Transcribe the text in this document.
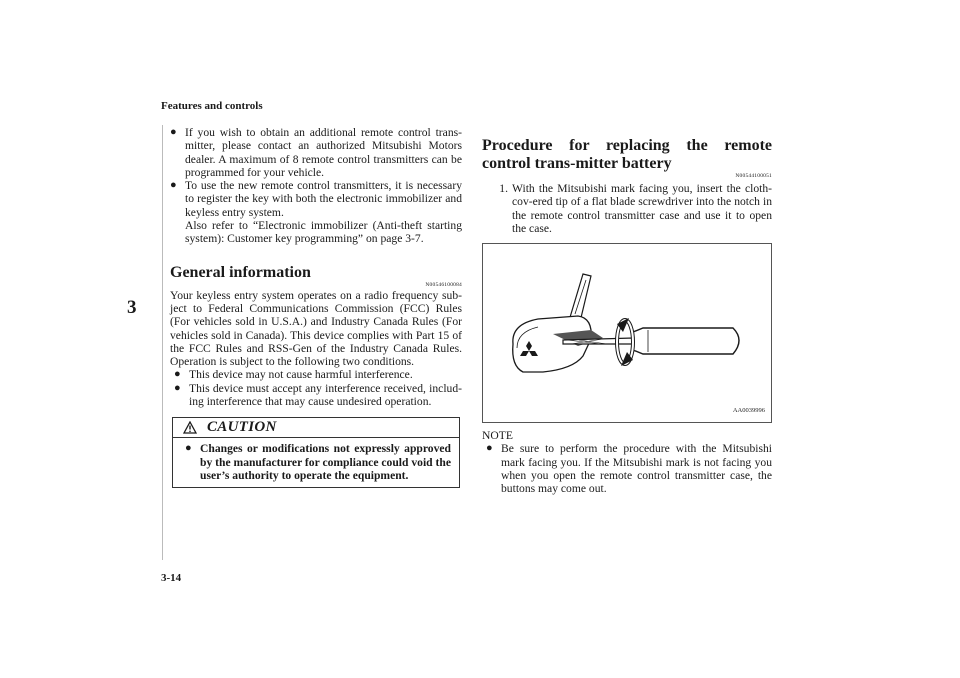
Features and controls
3
3-14
● If you wish to obtain an additional remote control trans-mitter, please contact an authorized Mitsubishi Motors dealer. A maximum of 8 remote control transmitters can be programmed for your vehicle.
● To use the new remote control transmitters, it is necessary to register the key with both the electronic immobilizer and keyless entry system.
Also refer to “Electronic immobilizer (Anti-theft starting system): Customer key programming” on page 3-7.
General information
N00546100084

Your keyless entry system operates on a radio frequency sub-ject to Federal Communications Commission (FCC) Rules (For vehicles sold in U.S.A.) and Industry Canada Rules (For vehicles sold in Canada). This device complies with Part 15 of the FCC Rules and RSS-Gen of the Industry Canada Rules. Operation is subject to the following two conditions.

● This device may not cause harmful interference.
● This device must accept any interference received, includ-ing interference that may cause undesired operation.
CAUTION
● Changes or modifications not expressly approved by the manufacturer for compliance could void the user’s authority to operate the equipment.
Procedure for replacing the remote control trans-mitter battery
N00544100051
1. With the Mitsubishi mark facing you, insert the cloth-cov-ered tip of a flat blade screwdriver into the notch in the remote control transmitter case and use it to open the case.
AA0039996
NOTE
● Be sure to perform the procedure with the Mitsubishi mark facing you. If the Mitsubishi mark is not facing you when you open the remote control transmitter case, the buttons may come out.
